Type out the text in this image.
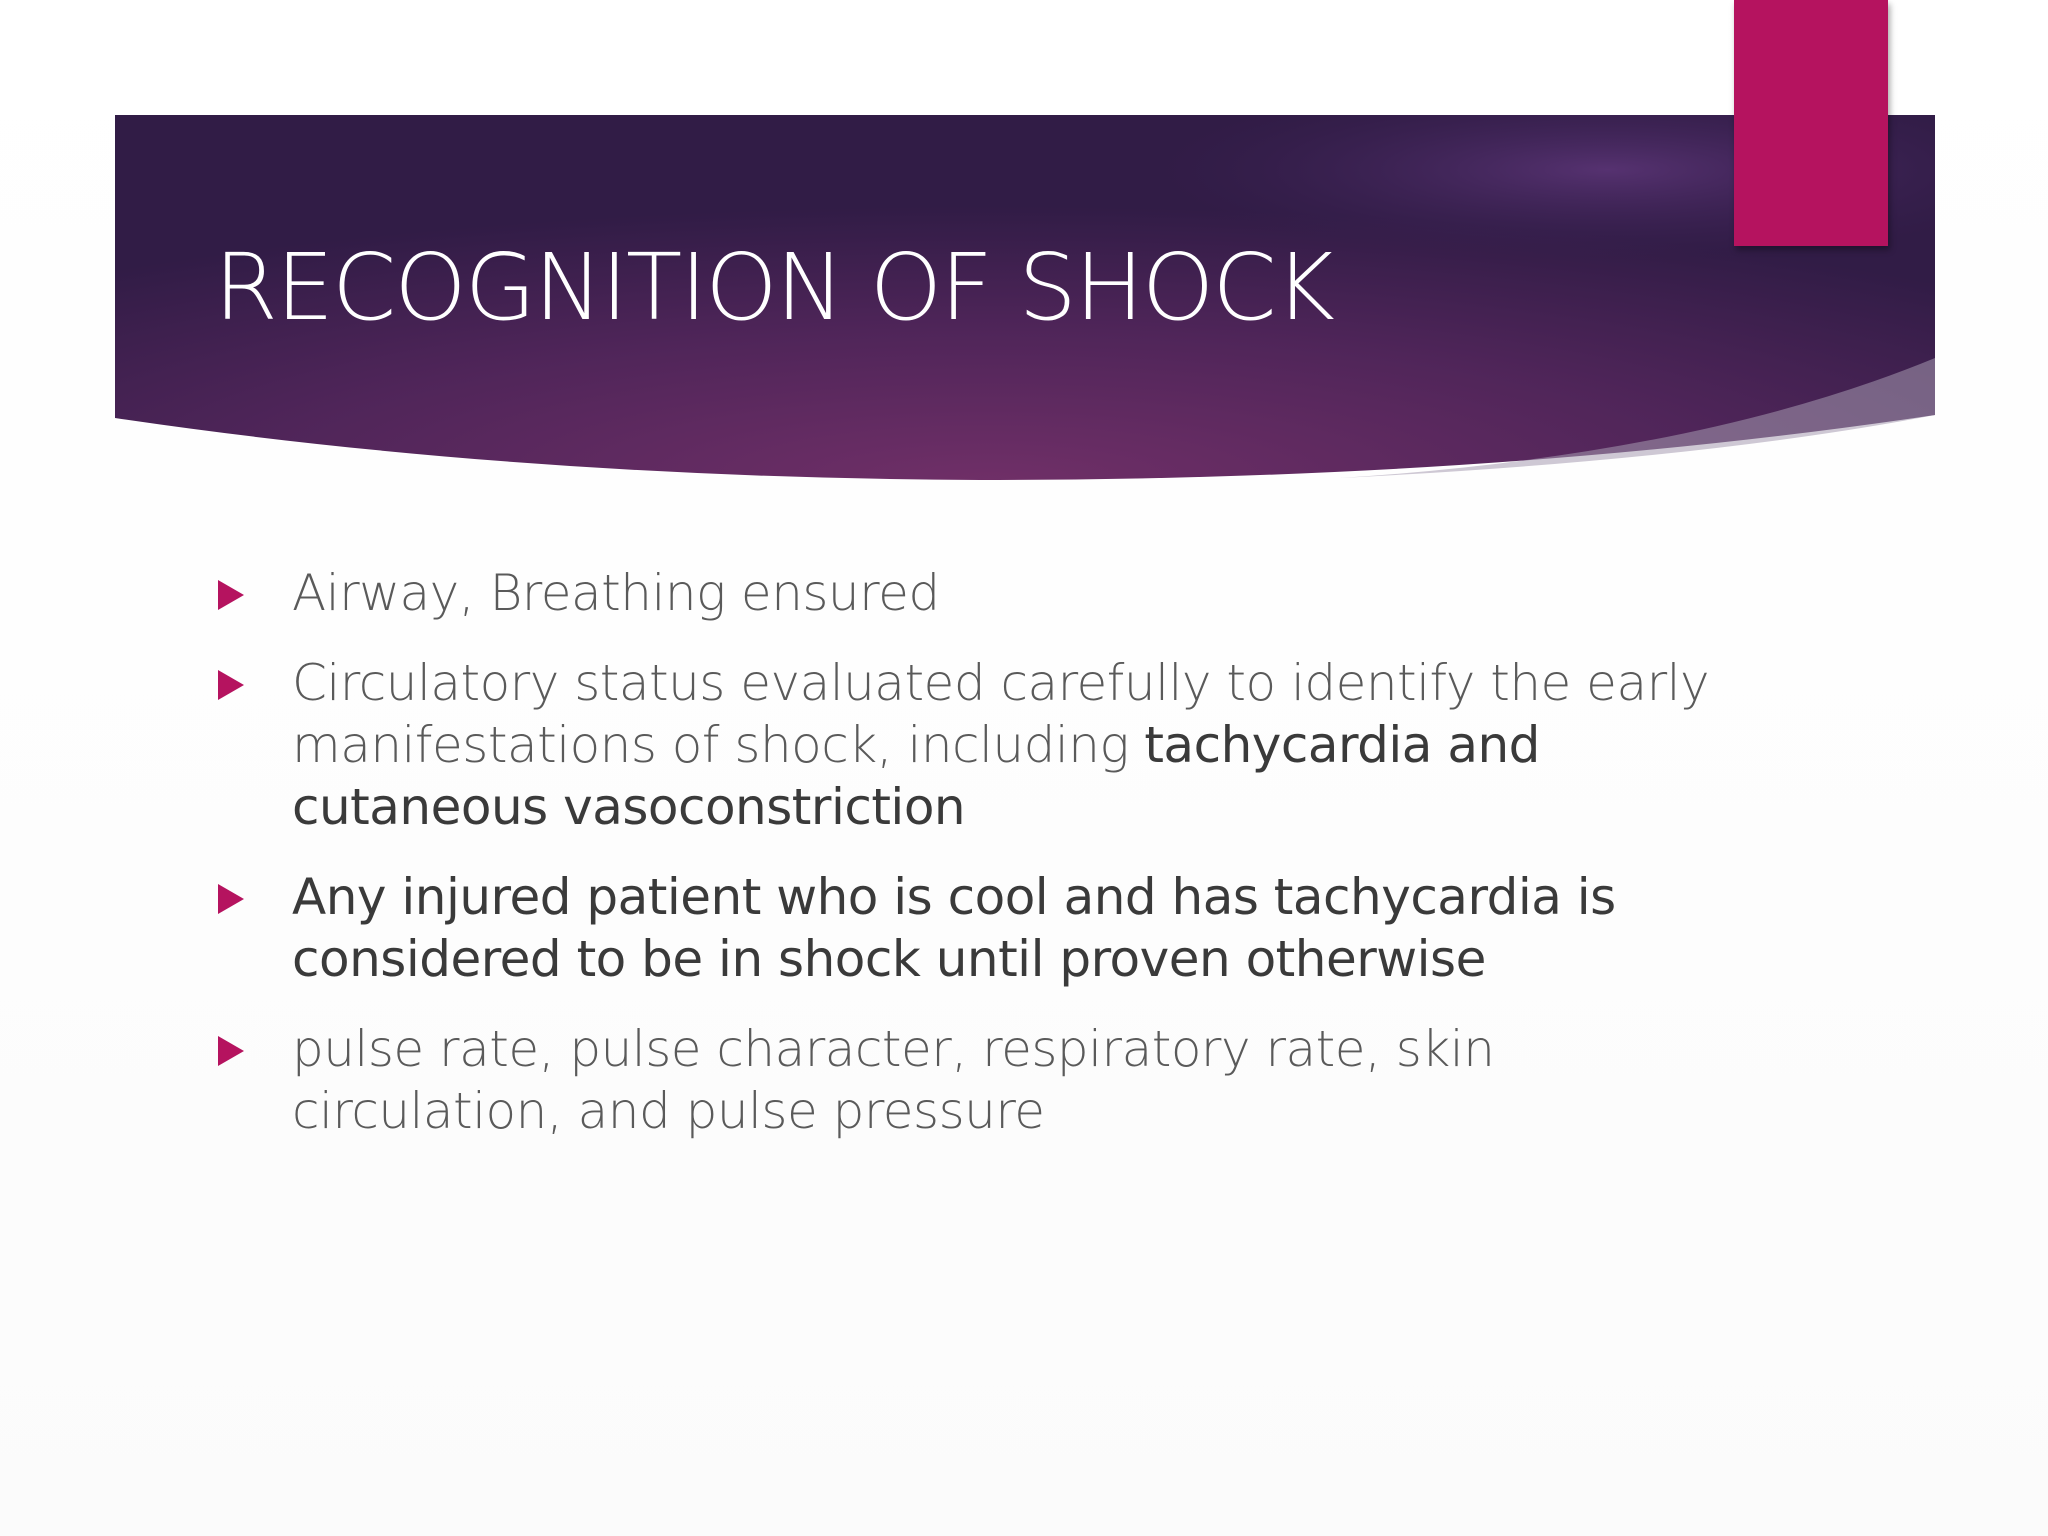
RECOGNITION OF SHOCK
Airway, Breathing ensured
Circulatory status evaluated carefully to identify the early manifestations of shock, including tachycardia and cutaneous vasoconstriction
Any injured patient who is cool and has tachycardia is considered to be in shock until proven otherwise
pulse rate, pulse character, respiratory rate, skin circulation, and pulse pressure
